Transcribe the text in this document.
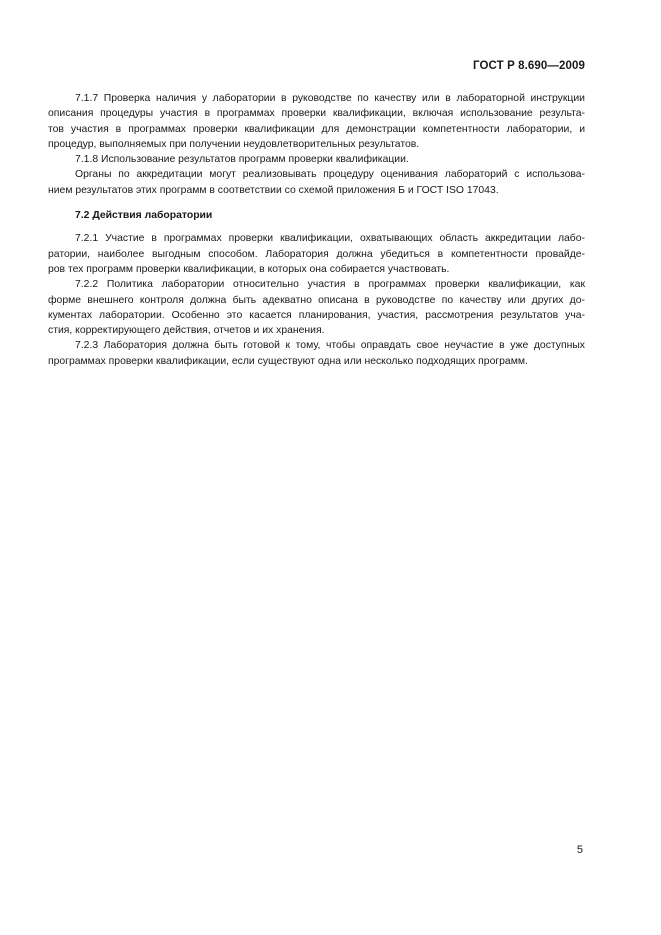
ГОСТ Р 8.690—2009
7.1.7 Проверка наличия у лаборатории в руководстве по качеству или в лабораторной инструкции
описания процедуры участия в программах проверки квалификации, включая использование результа-
тов участия в программах проверки квалификации для демонстрации компетентности лаборатории, и
процедур, выполняемых при получении неудовлетворительных результатов.
7.1.8 Использование результатов программ проверки квалификации.
Органы по аккредитации могут реализовывать процедуру оценивания лабораторий с использова-
нием результатов этих программ в соответствии со схемой приложения Б и ГОСТ ISO 17043.
7.2 Действия лаборатории
7.2.1 Участие в программах проверки квалификации, охватывающих область аккредитации лабо-
ратории, наиболее выгодным способом. Лаборатория должна убедиться в компетентности провайде-
ров тех программ проверки квалификации, в которых она собирается участвовать.
7.2.2 Политика лаборатории относительно участия в программах проверки квалификации, как
форме внешнего контроля должна быть адекватно описана в руководстве по качеству или других до-
кументах лаборатории. Особенно это касается планирования, участия, рассмотрения результатов уча-
стия, корректирующего действия, отчетов и их хранения.
7.2.3 Лаборатория должна быть готовой к тому, чтобы оправдать свое неучастие в уже доступных
программах проверки квалификации, если существуют одна или несколько подходящих программ.
5
